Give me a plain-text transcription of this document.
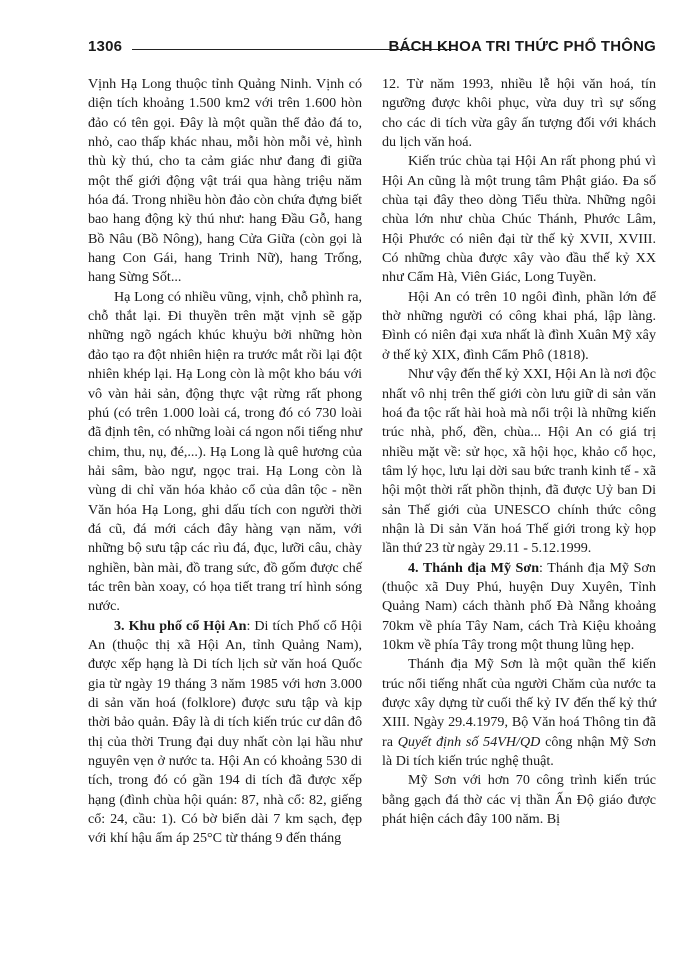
1306	BÁCH KHOA TRI THỨC PHỔ THÔNG

Vịnh Hạ Long thuộc tỉnh Quảng Ninh. Vịnh có diện tích khoảng 1.500 km2 với trên 1.600 hòn đảo có tên gọi. Đây là một quần thể đảo đá to, nhỏ, cao thấp khác nhau, mỗi hòn mỗi vẻ, hình thù kỳ thú, cho ta cảm giác như đang đi giữa một thế giới động vật trái qua hàng triệu năm hóa đá. Trong nhiều hòn đảo còn chứa đựng biết bao hang động kỳ thú như: hang Đầu Gỗ, hang Bồ Nâu (Bồ Nông), hang Cửa Giữa (còn gọi là hang Con Gái, hang Trinh Nữ), hang Trống, hang Sừng Sốt...

Hạ Long có nhiều vũng, vịnh, chỗ phình ra, chỗ thắt lại. Đi thuyền trên mặt vịnh sẽ gặp những ngõ ngách khúc khuỷu bởi những hòn đảo tạo ra đột nhiên hiện ra trước mắt rồi lại đột nhiên khép lại. Hạ Long còn là một kho báu với vô vàn hải sản, động thực vật rừng rất phong phú (có trên 1.000 loài cá, trong đó có 730 loài đã định tên, có những loài cá ngon nổi tiếng như chim, thu, nụ, đé,...). Hạ Long là quê hương của hải sâm, bào ngư, ngọc trai. Hạ Long còn là vùng di chỉ văn hóa khảo cổ của dân tộc - nền Văn hóa Hạ Long, ghi dấu tích con người thời đá cũ, đá mới cách đây hàng vạn năm, với những bộ sưu tập các rìu đá, đục, lưỡi câu, chày nghiền, bàn mài, đồ trang sức, đồ gốm được chế tác trên bàn xoay, có họa tiết trang trí hình sóng nước.

3. Khu phố cổ Hội An: Di tích Phố cổ Hội An (thuộc thị xã Hội An, tỉnh Quảng Nam), được xếp hạng là Di tích lịch sử văn hoá Quốc gia từ ngày 19 tháng 3 năm 1985 với hơn 3.000 di sản văn hoá (folklore) được sưu tập và kịp thời bảo quản. Đây là di tích kiến trúc cư dân đô thị của thời Trung đại duy nhất còn lại hầu như nguyên vẹn ở nước ta. Hội An có khoảng 530 di tích, trong đó có gần 194 di tích đã được xếp hạng (đình chùa hội quán: 87, nhà cổ: 82, giếng cổ: 24, cầu: 1). Có bờ biển dài 7 km sạch, đẹp với khí hậu ấm áp 25°C từ tháng 9 đến tháng

12. Từ năm 1993, nhiều lễ hội văn hoá, tín ngưỡng được khôi phục, vừa duy trì sự sống cho các di tích vừa gây ấn tượng đối với khách du lịch văn hoá.

Kiến trúc chùa tại Hội An rất phong phú vì Hội An cũng là một trung tâm Phật giáo. Đa số chùa tại đây theo dòng Tiểu thừa. Những ngôi chùa lớn như chùa Chúc Thánh, Phước Lâm, Hội Phước có niên đại từ thế kỷ XVII, XVIII. Có những chùa được xây vào đầu thế kỷ XX như Cẩm Hà, Viên Giác, Long Tuyền.

Hội An có trên 10 ngôi đình, phần lớn để thờ những người có công khai phá, lập làng. Đình có niên đại xưa nhất là đình Xuân Mỹ xây ở thế kỷ XIX, đình Cẩm Phô (1818).

Như vậy đến thế kỷ XXI, Hội An là nơi độc nhất vô nhị trên thế giới còn lưu giữ di sản văn hoá đa tộc rất hài hoà mà nổi trội là những kiến trúc nhà, phố, đền, chùa... Hội An có giá trị nhiều mặt về: sử học, xã hội học, khảo cổ học, tâm lý học, lưu lại dời sau bức tranh kinh tế - xã hội một thời rất phồn thịnh, đã được Uỷ ban Di sản Thế giới của UNESCO chính thức công nhận là Di sản Văn hoá Thế giới trong kỳ họp lần thứ 23 từ ngày 29.11 - 5.12.1999.

4. Thánh địa Mỹ Sơn: Thánh địa Mỹ Sơn (thuộc xã Duy Phú, huyện Duy Xuyên, Tỉnh Quảng Nam) cách thành phố Đà Nẵng khoảng 70km về phía Tây Nam, cách Trà Kiệu khoảng 10km về phía Tây trong một thung lũng hẹp.

Thánh địa Mỹ Sơn là một quần thể kiến trúc nổi tiếng nhất của người Chăm của nước ta được xây dựng từ cuối thế kỷ IV đến thế kỷ thứ XIII. Ngày 29.4.1979, Bộ Văn hoá Thông tin đã ra Quyết định số 54VH/QD công nhận Mỹ Sơn là Di tích kiến trúc nghệ thuật.

Mỹ Sơn với hơn 70 công trình kiến trúc bằng gạch đá thờ các vị thần Ấn Độ giáo được phát hiện cách đây 100 năm. Bị
